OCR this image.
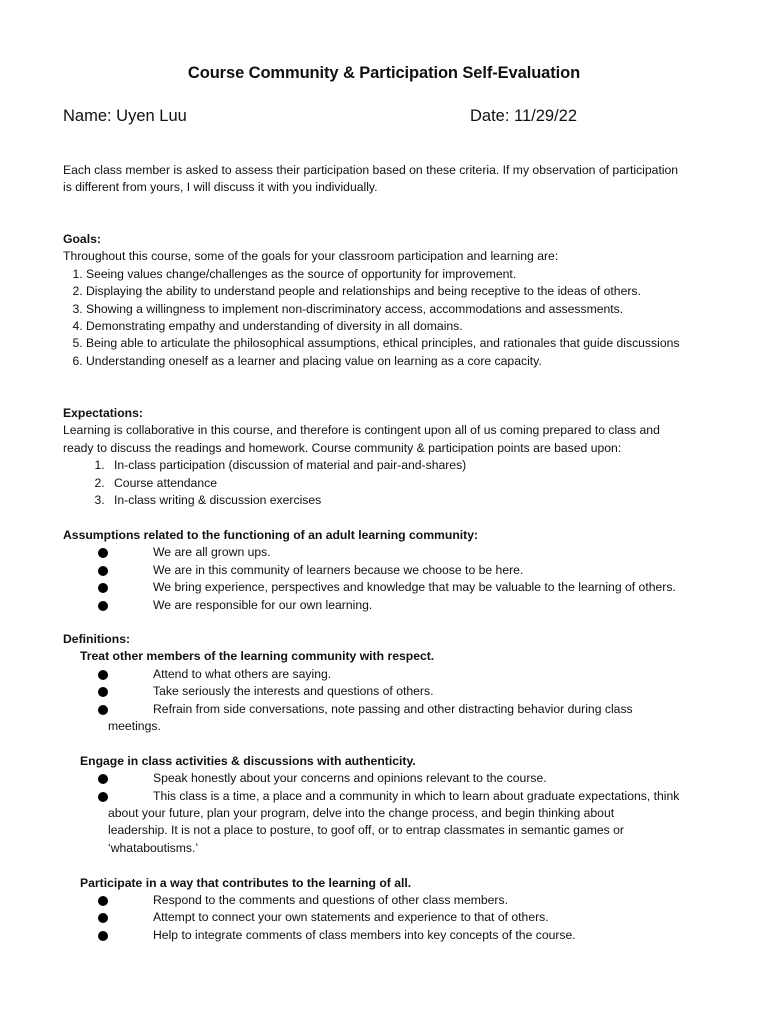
Course Community & Participation Self-Evaluation
Name: Uyen Luu	Date: 11/29/22
Each class member is asked to assess their participation based on these criteria. If my observation of participation
is different from yours, I will discuss it with you individually.
Goals:
Throughout this course, some of the goals for your classroom participation and learning are:
1. Seeing values change/challenges as the source of opportunity for improvement.
2. Displaying the ability to understand people and relationships and being receptive to the ideas of others.
3. Showing a willingness to implement non-discriminatory access, accommodations and assessments.
4. Demonstrating empathy and understanding of diversity in all domains.
5. Being able to articulate the philosophical assumptions, ethical principles, and rationales that guide discussions
6. Understanding oneself as a learner and placing value on learning as a core capacity.
Expectations:
Learning is collaborative in this course, and therefore is contingent upon all of us coming prepared to class and
ready to discuss the readings and homework. Course community & participation points are based upon:
1. In-class participation (discussion of material and pair-and-shares)
2. Course attendance
3. In-class writing & discussion exercises
Assumptions related to the functioning of an adult learning community:
We are all grown ups.
We are in this community of learners because we choose to be here.
We bring experience, perspectives and knowledge that may be valuable to the learning of others.
We are responsible for our own learning.
Definitions:
Treat other members of the learning community with respect.
Attend to what others are saying.
Take seriously the interests and questions of others.
Refrain from side conversations, note passing and other distracting behavior during class
meetings.
Engage in class activities & discussions with authenticity.
Speak honestly about your concerns and opinions relevant to the course.
This class is a time, a place and a community in which to learn about graduate expectations, think
about your future, plan your program, delve into the change process, and begin thinking about
leadership. It is not a place to posture, to goof off, or to entrap classmates in semantic games or
‘whataboutisms.’
Participate in a way that contributes to the learning of all.
Respond to the comments and questions of other class members.
Attempt to connect your own statements and experience to that of others.
Help to integrate comments of class members into key concepts of the course.
